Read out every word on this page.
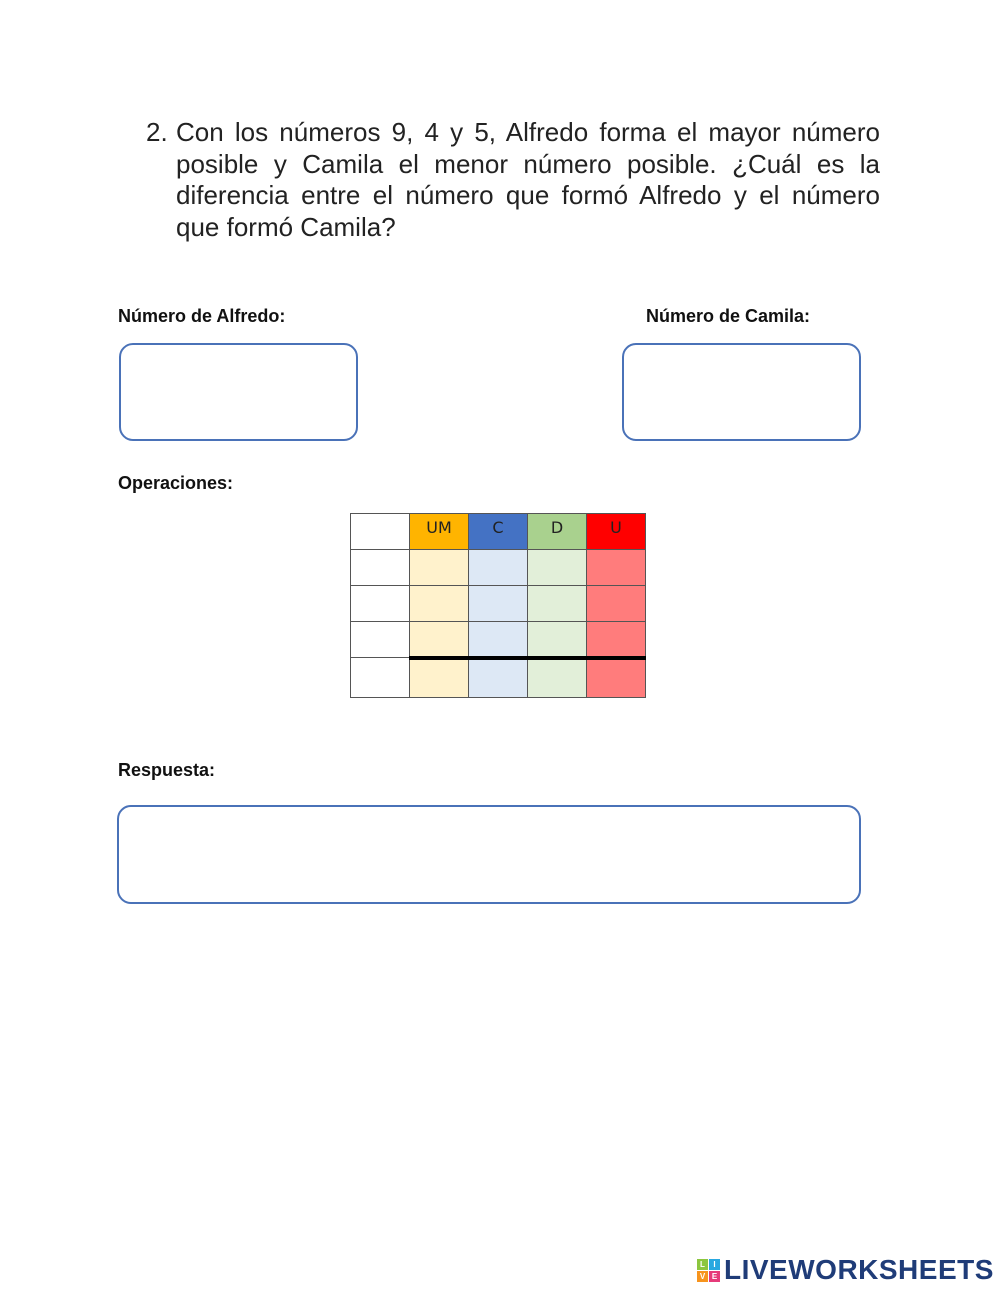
2. Con los números 9, 4 y 5, Alfredo forma el mayor número posible y Camila el menor número posible. ¿Cuál es la diferencia entre el número que formó Alfredo y el número que formó Camila?
Número de Alfredo:	Número de Camila:
Operaciones:
	UM	C	D	U

Respuesta:
L	I
V E LIVEWORKSHEETS
